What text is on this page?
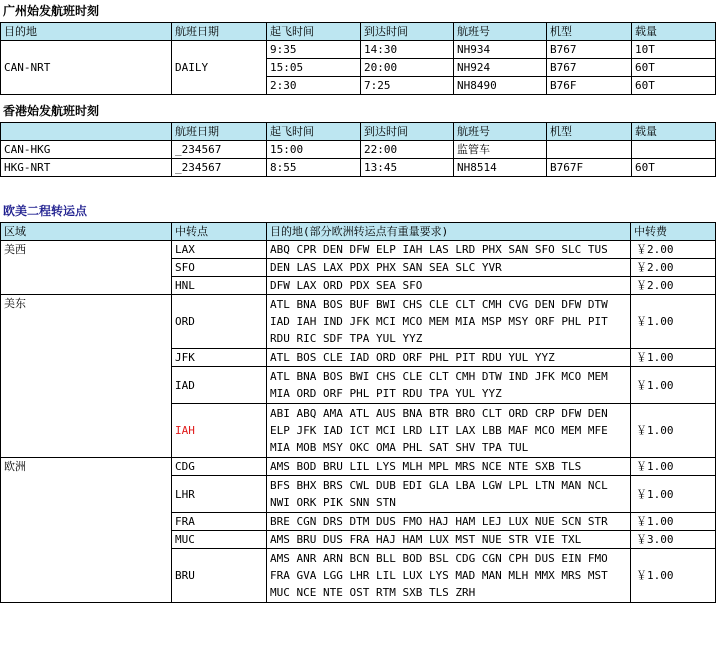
广州始发航班时刻
目的地	航班日期	起飞时间	到达时间	航班号	机型	载量
CAN-NRT	DAILY	9:35	14:30	NH934	B767	10T
		15:05	20:00	NH924	B767	60T
		2:30	7:25	NH8490	B76F	60T
香港始发航班时刻
	航班日期	起飞时间	到达时间	航班号	机型	载量
CAN-HKG	_234567	15:00	22:00	监管车		
HKG-NRT	_234567	8:55	13:45	NH8514	B767F	60T
欧美二程转运点
区域	中转点	目的地(部分欧洲转运点有重量要求)	中转费
美西	LAX	ABQ CPR DEN DFW ELP IAH LAS LRD PHX SAN SFO SLC TUS	￥2.00
	SFO	DEN LAS LAX PDX PHX SAN SEA SLC YVR	￥2.00
	HNL	DFW LAX ORD PDX SEA SFO	￥2.00
美东	ORD	ATL BNA BOS BUF BWI CHS CLE CLT CMH CVG DEN DFW DTW
IAD IAH IND JFK MCI MCO MEM MIA MSP MSY ORF PHL PIT
RDU RIC SDF TPA YUL YYZ	￥1.00
	JFK	ATL BOS CLE IAD ORD ORF PHL PIT RDU YUL YYZ	￥1.00
	IAD	ATL BNA BOS BWI CHS CLE CLT CMH DTW IND JFK MCO MEM
MIA ORD ORF PHL PIT RDU TPA YUL YYZ	￥1.00
	IAH	ABI ABQ AMA ATL AUS BNA BTR BRO CLT ORD CRP DFW DEN
ELP JFK IAD ICT MCI LRD LIT LAX LBB MAF MCO MEM MFE
MIA MOB MSY OKC OMA PHL SAT SHV TPA TUL	￥1.00
欧洲	CDG	AMS BOD BRU LIL LYS MLH MPL MRS NCE NTE SXB TLS	￥1.00
	LHR	BFS BHX BRS CWL DUB EDI GLA LBA LGW LPL LTN MAN NCL
NWI ORK PIK SNN STN	￥1.00
	FRA	BRE CGN DRS DTM DUS FMO HAJ HAM LEJ LUX NUE SCN STR	￥1.00
	MUC	AMS BRU DUS FRA HAJ HAM LUX MST NUE STR VIE TXL	￥3.00
	BRU	AMS ANR ARN BCN BLL BOD BSL CDG CGN CPH DUS EIN FMO
FRA GVA LGG LHR LIL LUX LYS MAD MAN MLH MMX MRS MST
MUC NCE NTE OST RTM SXB TLS ZRH	￥1.00
